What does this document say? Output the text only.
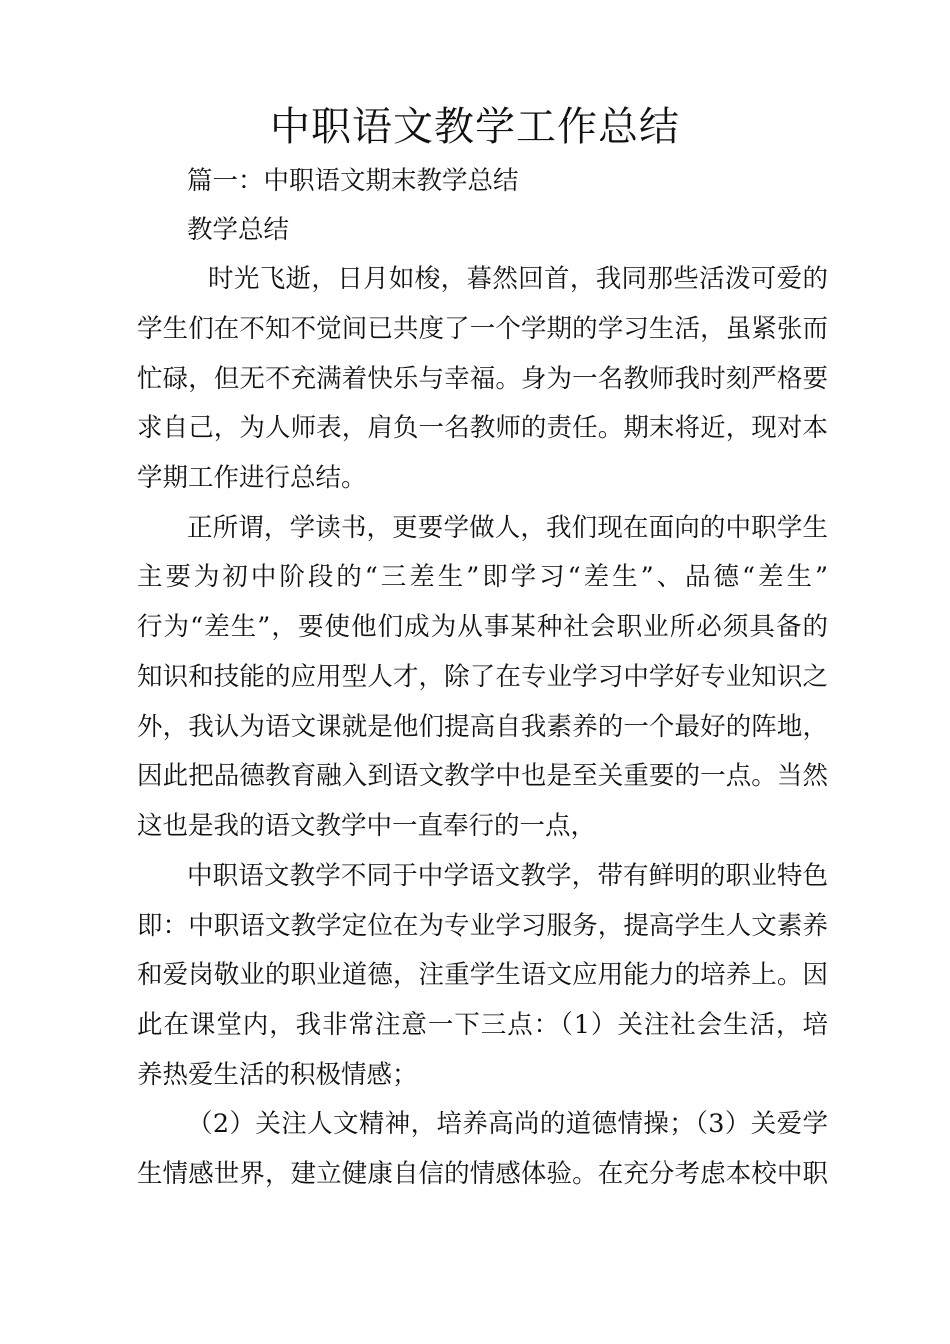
中职语文教学工作总结

篇一：中职语文期末教学总结

教学总结

时光飞逝，日月如梭，暮然回首，我同那些活泼可爱的

学生们在不知不觉间已共度了一个学期的学习生活，虽紧张而

忙碌，但无不充满着快乐与幸福。身为一名教师我时刻严格要

求自己，为人师表，肩负一名教师的责任。期末将近，现对本

学期工作进行总结。

正所谓，学读书，更要学做人，我们现在面向的中职学生

主要为初中阶段的“三差生”即学习“差生”、品德“差生”

行为“差生”，要使他们成为从事某种社会职业所必须具备的

知识和技能的应用型人才，除了在专业学习中学好专业知识之

外，我认为语文课就是他们提高自我素养的一个最好的阵地，

因此把品德教育融入到语文教学中也是至关重要的一点。当然

这也是我的语文教学中一直奉行的一点，

中职语文教学不同于中学语文教学，带有鲜明的职业特色

即：中职语文教学定位在为专业学习服务，提高学生人文素养

和爱岗敬业的职业道德，注重学生语文应用能力的培养上。因

此在课堂内，我非常注意一下三点：（1）关注社会生活，培

养热爱生活的积极情感；

（2）关注人文精神，培养高尚的道德情操；（3）关爱学

生情感世界，建立健康自信的情感体验。在充分考虑本校中职
